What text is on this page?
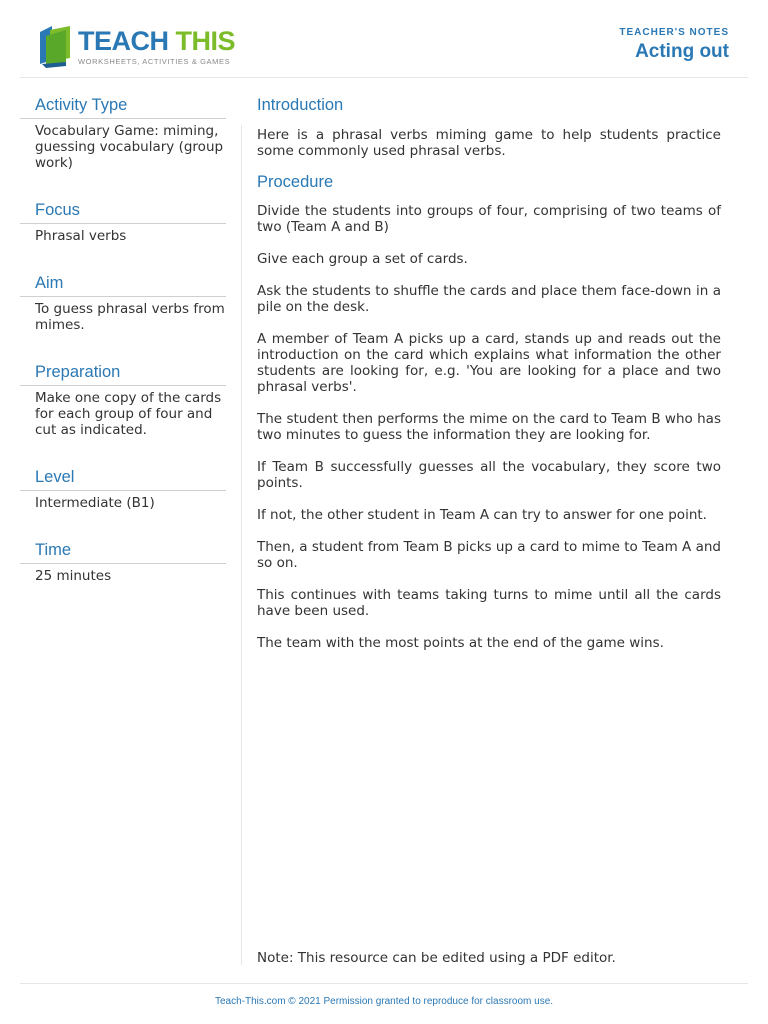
TEACH THIS
WORKSHEETS, ACTIVITIES & GAMES
TEACHER'S NOTES
Acting out
Activity Type

Vocabulary Game: miming, guessing vocabulary (group work)

Focus

Phrasal verbs

Aim

To guess phrasal verbs from mimes.

Preparation

Make one copy of the cards for each group of four and cut as indicated.

Level

Intermediate (B1)

Time

25 minutes

Introduction

Here is a phrasal verbs miming game to help students practice some commonly used phrasal verbs.

Procedure

Divide the students into groups of four, comprising of two teams of two (Team A and B)

Give each group a set of cards.

Ask the students to shuffle the cards and place them face-down in a pile on the desk.

A member of Team A picks up a card, stands up and reads out the introduction on the card which explains what information the other students are looking for, e.g. 'You are looking for a place and two phrasal verbs'.

The student then performs the mime on the card to Team B who has two minutes to guess the information they are looking for.

If Team B successfully guesses all the vocabulary, they score two points.

If not, the other student in Team A can try to answer for one point.

Then, a student from Team B picks up a card to mime to Team A and so on.

This continues with teams taking turns to mime until all the cards have been used.

The team with the most points at the end of the game wins.

Note: This resource can be edited using a PDF editor.
Teach-This.com © 2021 Permission granted to reproduce for classroom use.
